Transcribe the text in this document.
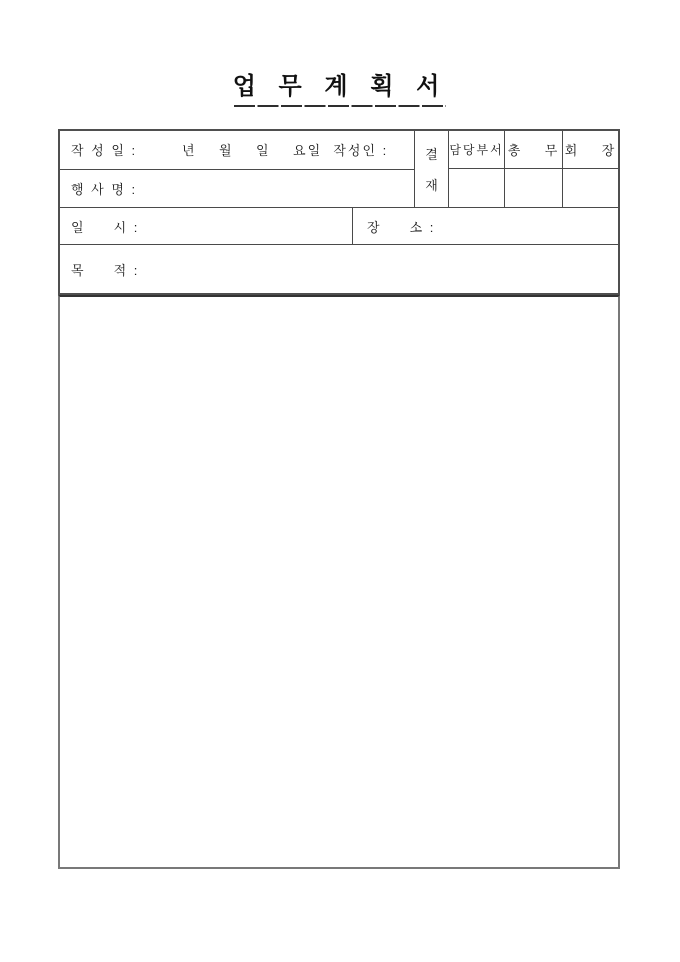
업 무 계 획 서
작 성 일 :        년    월    일    요일  작성인 :
행 사 명 :
결
재
담당부서 총    무 회    장
일     시 :	장     소 :
목     적 :
